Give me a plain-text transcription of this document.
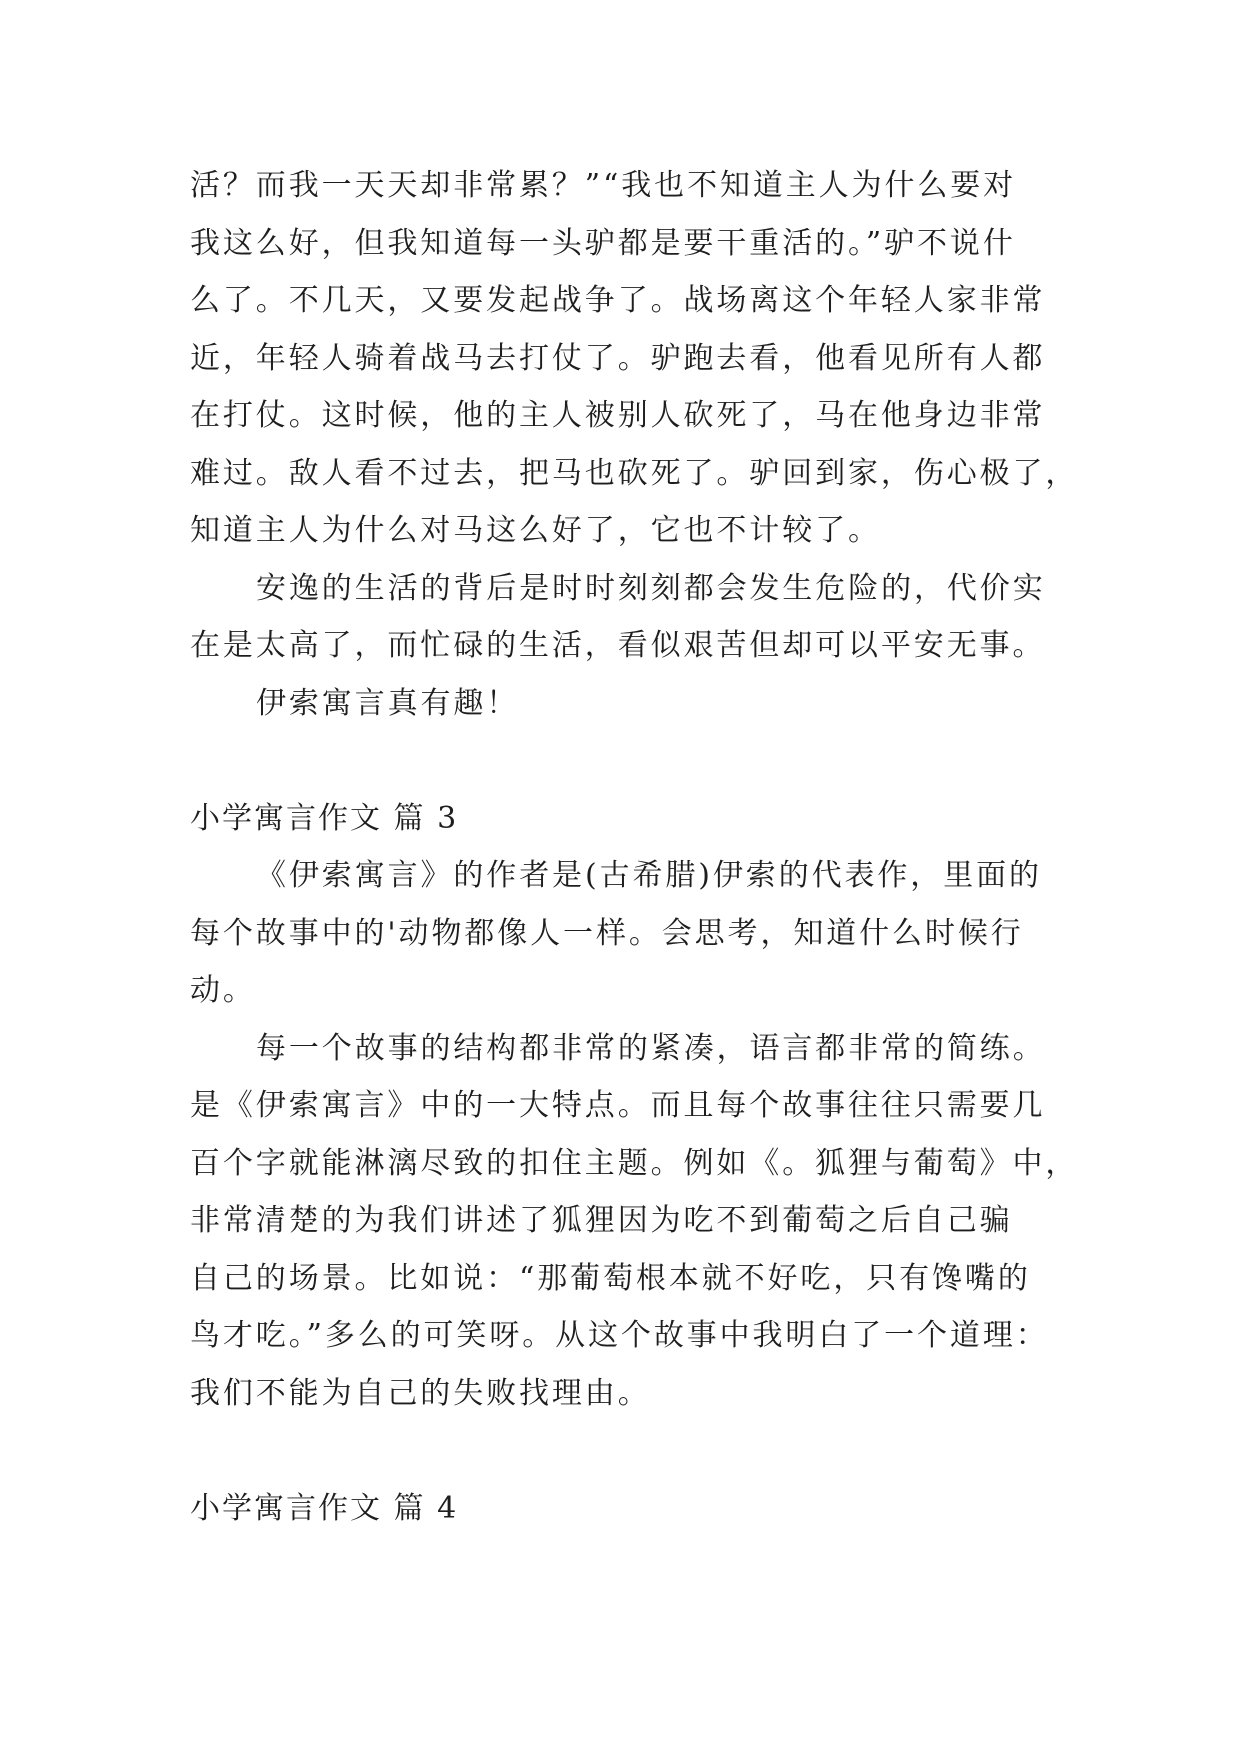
活？而我一天天却非常累？”“我也不知道主人为什么要对
我这么好，但我知道每一头驴都是要干重活的。”驴不说什
么了。不几天，又要发起战争了。战场离这个年轻人家非常
近，年轻人骑着战马去打仗了。驴跑去看，他看见所有人都
在打仗。这时候，他的主人被别人砍死了，马在他身边非常
难过。敌人看不过去，把马也砍死了。驴回到家，伤心极了，
知道主人为什么对马这么好了，它也不计较了。
安逸的生活的背后是时时刻刻都会发生危险的，代价实
在是太高了，而忙碌的生活，看似艰苦但却可以平安无事。
伊索寓言真有趣！
小学寓言作文 篇 3
《伊索寓言》的作者是(古希腊)伊索的代表作，里面的
每个故事中的'动物都像人一样。会思考，知道什么时候行
动。
每一个故事的结构都非常的紧凑，语言都非常的简练。
是《伊索寓言》中的一大特点。而且每个故事往往只需要几
百个字就能淋漓尽致的扣住主题。例如《。狐狸与葡萄》中，
非常清楚的为我们讲述了狐狸因为吃不到葡萄之后自己骗
自己的场景。比如说：“那葡萄根本就不好吃，只有馋嘴的
鸟才吃。”多么的可笑呀。从这个故事中我明白了一个道理：
我们不能为自己的失败找理由。
小学寓言作文 篇 4
